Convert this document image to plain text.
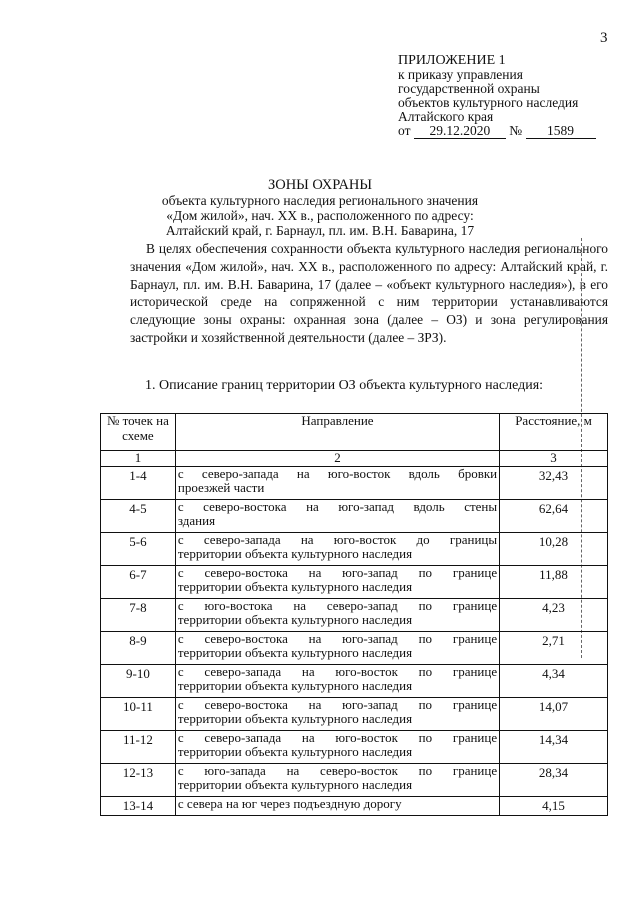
3
ПРИЛОЖЕНИЕ 1
к приказу управления
государственной охраны
объектов культурного наследия
Алтайского края
от 29.12.2020 № 1589
ЗОНЫ ОХРАНЫ
объекта культурного наследия регионального значения
«Дом жилой», нач. XX в., расположенного по адресу:
Алтайский край, г. Барнаул, пл. им. В.Н. Баварина, 17
В целях обеспечения сохранности объекта культурного наследия регионального значения «Дом жилой», нач. XX в., расположенного по адресу: Алтайский край, г. Барнаул, пл. им. В.Н. Баварина, 17 (далее – «объект культурного наследия»), в его исторической среде на сопряженной с ним территории устанавливаются следующие зоны охраны: охранная зона (далее – ОЗ) и зона регулирования застройки и хозяйственной деятельности (далее – ЗРЗ).
1. Описание границ территории ОЗ объекта культурного наследия:
№ точек на схеме	Направление	Расстояние, м
1	2	3
1-4	с северо-запада на юго-восток вдоль бровки
проезжей части	32,43
4-5	с северо-востока на юго-запад вдоль стены
здания	62,64
5-6	с северо-запада на юго-восток до границы
территории объекта культурного наследия	10,28
6-7	с северо-востока на юго-запад по границе
территории объекта культурного наследия	11,88
7-8	с юго-востока на северо-запад по границе
территории объекта культурного наследия	4,23
8-9	с северо-востока на юго-запад по границе
территории объекта культурного наследия	2,71
9-10	с северо-запада на юго-восток по границе
территории объекта культурного наследия	4,34
10-11	с северо-востока на юго-запад по границе
территории объекта культурного наследия	14,07
11-12	с северо-запада на юго-восток по границе
территории объекта культурного наследия	14,34
12-13	с юго-запада на северо-восток по границе
территории объекта культурного наследия	28,34
13-14	с севера на юг через подъездную дорогу	4,15
